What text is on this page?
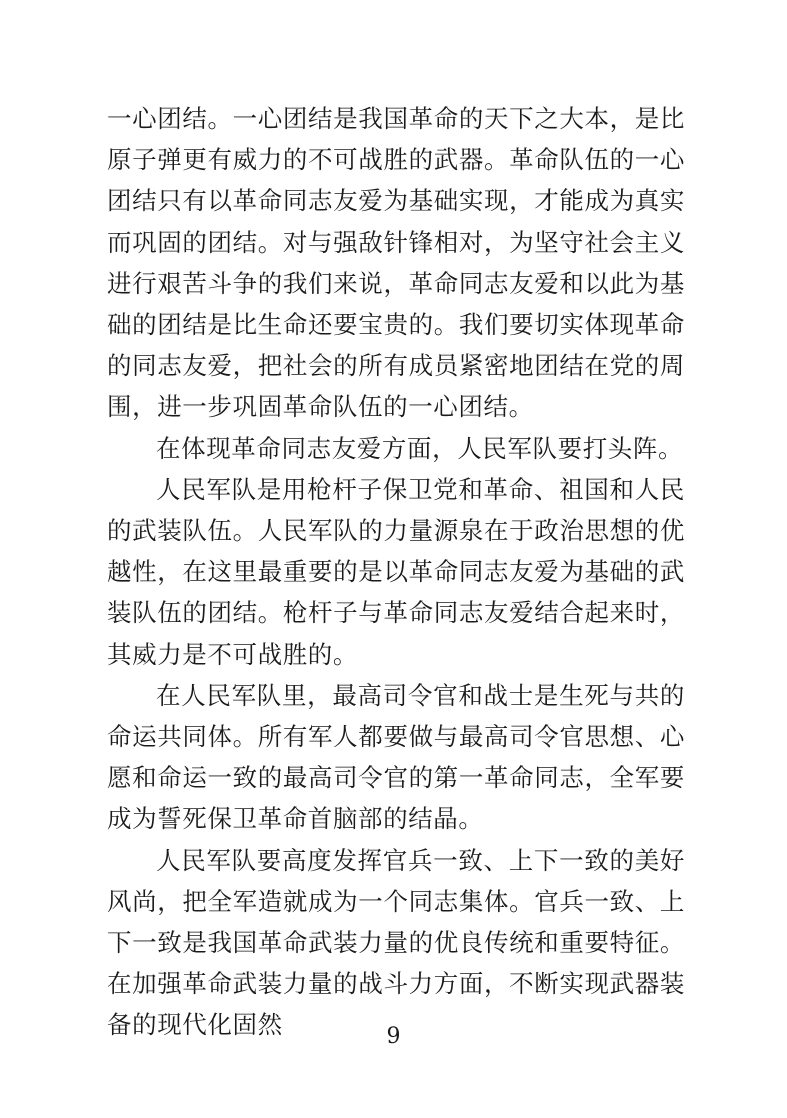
一心团结。一心团结是我国革命的天下之大本，是比原子弹更有威力的不可战胜的武器。革命队伍的一心团结只有以革命同志友爱为基础实现，才能成为真实而巩固的团结。对与强敌针锋相对，为坚守社会主义进行艰苦斗争的我们来说，革命同志友爱和以此为基础的团结是比生命还要宝贵的。我们要切实体现革命的同志友爱，把社会的所有成员紧密地团结在党的周围，进一步巩固革命队伍的一心团结。

在体现革命同志友爱方面，人民军队要打头阵。

人民军队是用枪杆子保卫党和革命、祖国和人民的武装队伍。人民军队的力量源泉在于政治思想的优越性，在这里最重要的是以革命同志友爱为基础的武装队伍的团结。枪杆子与革命同志友爱结合起来时，其威力是不可战胜的。

在人民军队里，最高司令官和战士是生死与共的命运共同体。所有军人都要做与最高司令官思想、心愿和命运一致的最高司令官的第一革命同志，全军要成为誓死保卫革命首脑部的结晶。

人民军队要高度发挥官兵一致、上下一致的美好风尚，把全军造就成为一个同志集体。官兵一致、上下一致是我国革命武装力量的优良传统和重要特征。在加强革命武装力量的战斗力方面，不断实现武器装备的现代化固然	9
